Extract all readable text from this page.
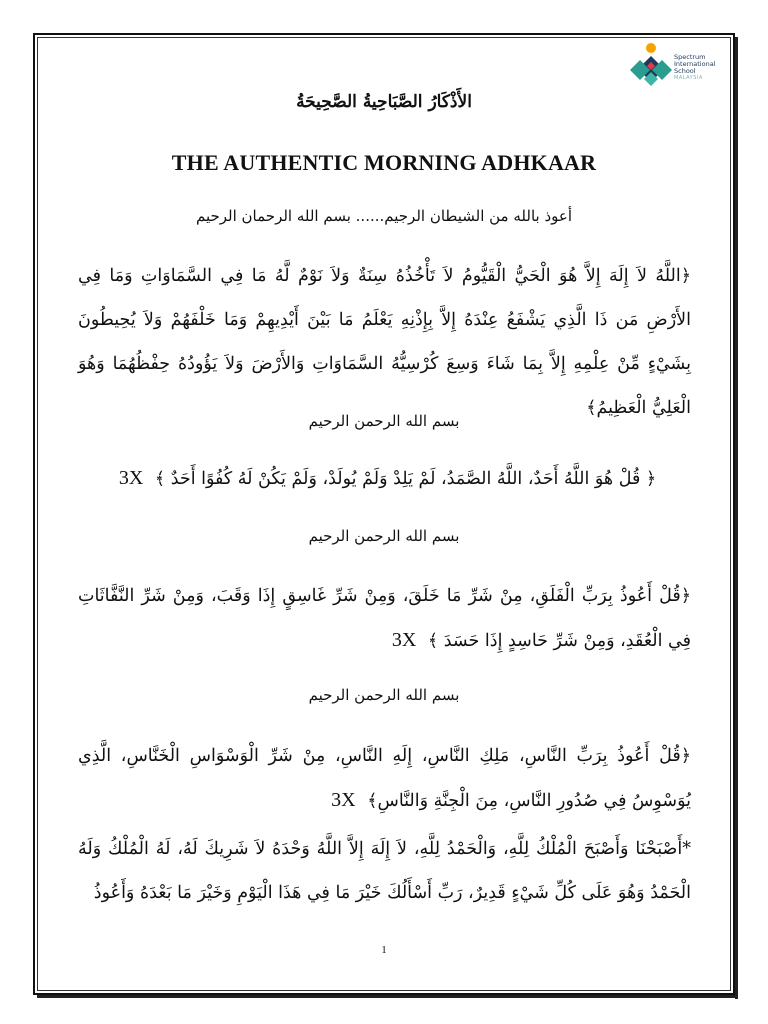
Spectrum
International
School
MALAYSIA
الأَذْكَارُ الصَّبَاحِيةُ الصَّحِيحَةُ
THE AUTHENTIC MORNING ADHKAAR
أعوذ بالله من الشيطان الرجيم...... بسم الله الرحمان الرحيم
﴿اللَّهُ لاَ إِلَهَ إِلاَّ هُوَ الْحَيُّ الْقَيُّومُ لاَ تَأْخُذُهُ سِنَةٌ وَلاَ نَوْمٌ لَّهُ مَا فِي السَّمَاوَاتِ وَمَا فِي الأَرْضِ مَن ذَا الَّذِي يَشْفَعُ عِنْدَهُ إِلاَّ بِإِذْنِهِ يَعْلَمُ مَا بَيْنَ أَيْدِيهِمْ وَمَا خَلْفَهُمْ وَلاَ يُحِيطُونَ بِشَيْءٍ مِّنْ عِلْمِهِ إِلاَّ بِمَا شَاءَ وَسِعَ كُرْسِيُّهُ السَّمَاوَاتِ وَالأَرْضَ وَلاَ يَؤُودُهُ حِفْظُهُمَا وَهُوَ الْعَلِيُّ الْعَظِيمُ﴾
بسم الله الرحمن الرحيم
﴿ قُلْ هُوَ اللَّهُ أَحَدٌ، اللَّهُ الصَّمَدُ، لَمْ يَلِدْ وَلَمْ يُولَدْ، وَلَمْ يَكُنْ لَهُ كُفُوًا أَحَدٌ ﴾ 3X
بسم الله الرحمن الرحيم
﴿قُلْ أَعُوذُ بِرَبِّ الْفَلَقِ، مِنْ شَرِّ مَا خَلَقَ، وَمِنْ شَرِّ غَاسِقٍ إِذَا وَقَبَ، وَمِنْ شَرِّ النَّفَّاثَاتِ فِي الْعُقَدِ، وَمِنْ شَرِّ حَاسِدٍ إِذَا حَسَدَ ﴾ 3X
بسم الله الرحمن الرحيم
﴿قُلْ أَعُوذُ بِرَبِّ النَّاسِ، مَلِكِ النَّاسِ، إِلَهِ النَّاسِ، مِنْ شَرِّ الْوَسْوَاسِ الْخَنَّاسِ، الَّذِي يُوَسْوِسُ فِي صُدُورِ النَّاسِ، مِنَ الْجِنَّةِ وَالنَّاسِ﴾ 3X
*أَصْبَحْنَا وَأَصْبَحَ الْمُلْكُ لِلَّهِ، وَالْحَمْدُ لِلَّهِ، لاَ إِلَهَ إِلاَّ اللَّهُ وَحْدَهُ لاَ شَرِيكَ لَهُ، لَهُ الْمُلْكُ وَلَهُ الْحَمْدُ وَهُوَ عَلَى كُلِّ شَيْءٍ قَدِيرٌ، رَبِّ أَسْأَلُكَ خَيْرَ مَا فِي هَذَا الْيَوْمِ وَخَيْرَ مَا بَعْدَهُ وَأَعُوذُ
1
